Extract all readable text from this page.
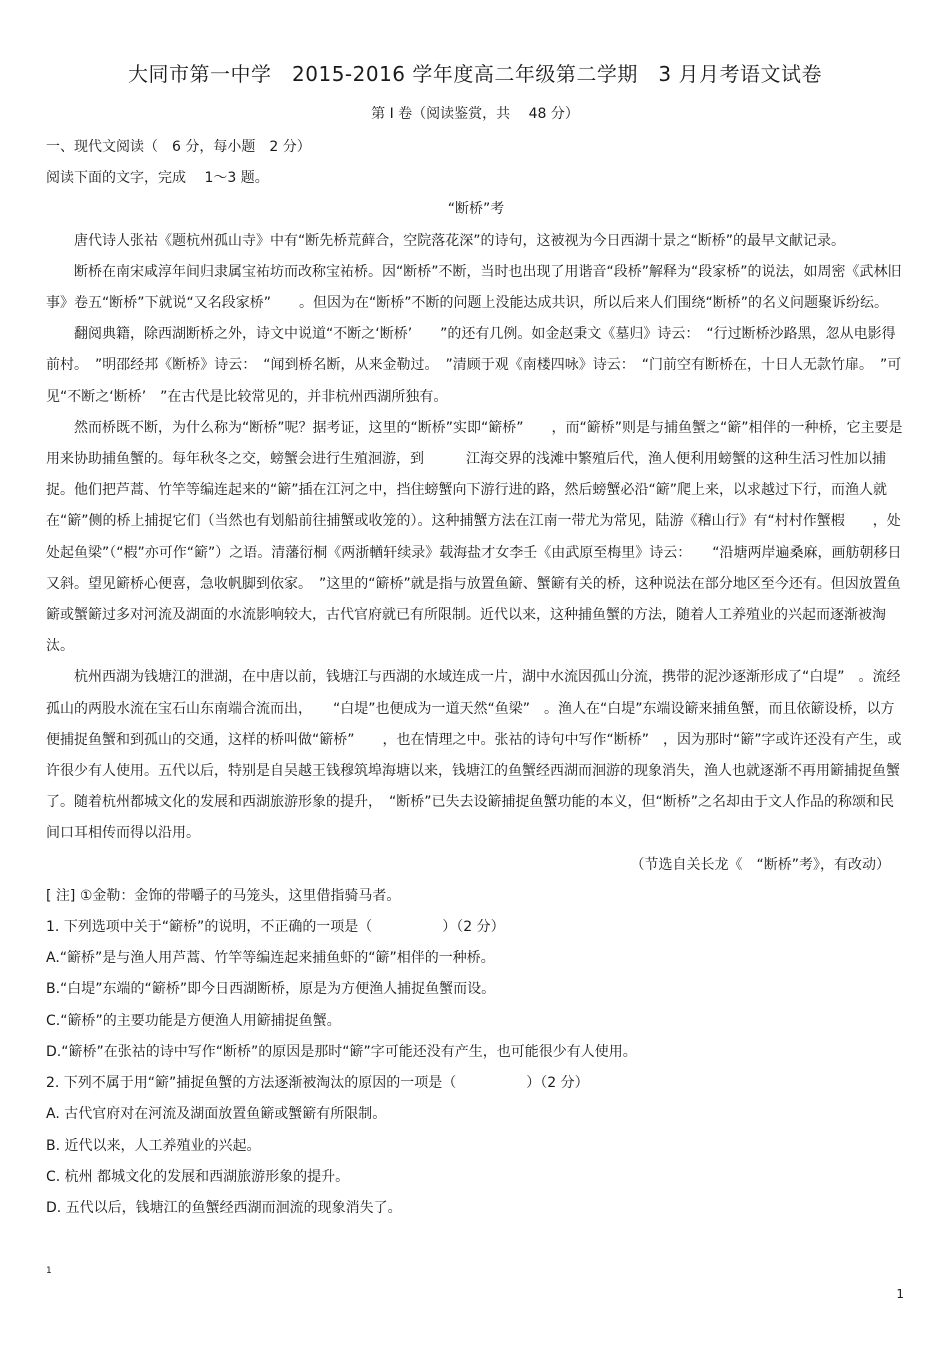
大同市第一中学　2015-2016 学年度高二年级第二学期　3 月月考语文试卷
第 I 卷（阅读鉴赏，共　 48 分）

一、现代文阅读（　6 分，每小题　2 分）

阅读下面的文字，完成　 1～3 题。

“断桥”考

唐代诗人张祜《题杭州孤山寺》中有“断先桥荒藓合，空院落花深”的诗句，这被视为今日西湖十景之“断桥”的最早文献记录。

断桥在南宋咸淳年间归隶属宝祐坊而改称宝祐桥。因“断桥”不断，当时也出现了用谐音“段桥”解释为“段家桥”的说法，如周密《武林旧事》卷五“断桥”下就说“又名段家桥”　　。但因为在“断桥”不断的问题上没能达成共识，所以后来人们围绕“断桥”的名义问题聚诉纷纭。

翻阅典籍，除西湖断桥之外，诗文中说道“不断之‘断桥’　　”的还有几例。如金赵秉文《墓归》诗云：　“行过断桥沙路黑，忽从电影得前村。　”明邵经邦《断桥》诗云：　“闻到桥名断，从来金勒过。　”清顾于观《南楼四咏》诗云：　“门前空有断桥在，十日人无款竹扉。　”可见“不断之‘断桥’　”在古代是比较常见的，并非杭州西湖所独有。

然而桥既不断，为什么称为“断桥”呢？据考证，这里的“断桥”实即“簖桥”　　，而“簖桥”则是与捕鱼蟹之“簖”相伴的一种桥，它主要是用来协助捕鱼蟹的。每年秋冬之交，螃蟹会进行生殖洄游，到　　　江海交界的浅滩中繁殖后代，渔人便利用螃蟹的这种生活习性加以捕捉。他们把芦蒿、竹竿等编连起来的“簖”插在江河之中，挡住螃蟹向下游行进的路，然后螃蟹必沿“簖”爬上来，以求越过下行，而渔人就在“簖”侧的桥上捕捉它们（当然也有划船前往捕蟹或收笼的）。这种捕蟹方法在江南一带尤为常见，陆游《稽山行》有“村村作蟹椵　　，处处起鱼梁”（“椵”亦可作“簖”）之语。清藩衍桐《两浙輶轩续录》载海盐才女李壬《由武原至梅里》诗云：　　“沿塘两岸遍桑麻，画舫朝移日又斜。望见簖桥心便喜，急收帆脚到依家。　”这里的“簖桥”就是指与放置鱼簖、蟹簖有关的桥，这种说法在部分地区至今还有。但因放置鱼簖或蟹簖过多对河流及湖面的水流影响较大，古代官府就已有所限制。近代以来，这种捕鱼蟹的方法，随着人工养殖业的兴起而逐渐被淘汰。

杭州西湖为钱塘江的泄湖，在中唐以前，钱塘江与西湖的水域连成一片，湖中水流因孤山分流，携带的泥沙逐渐形成了“白堤”　。流经孤山的两股水流在宝石山东南端合流而出，　　“白堤”也便成为一道天然“鱼梁”　。渔人在“白堤”东端设簖来捕鱼蟹，而且依簖设桥，以方便捕捉鱼蟹和到孤山的交通，这样的桥叫做“簖桥”　　，也在情理之中。张祜的诗句中写作“断桥”　，因为那时“簖”字或许还没有产生，或许很少有人使用。五代以后，特别是自吴越王钱穆筑埠海塘以来，钱塘江的鱼蟹经西湖而洄游的现象消失，渔人也就逐渐不再用簖捕捉鱼蟹了。随着杭州都城文化的发展和西湖旅游形象的提升，　“断桥”已失去设簖捕捉鱼蟹功能的本义，但“断桥”之名却由于文人作品的称颂和民间口耳相传而得以沿用。

（节选自关长龙《　“断桥”考》，有改动）

[ 注] ①金勒：金饰的带嚼子的马笼头，这里借指骑马者。

1. 下列选项中关于“簖桥”的说明，不正确的一项是（　　　　　）（2 分）

A.“簖桥”是与渔人用芦蒿、竹竿等编连起来捕鱼虾的“簖”相伴的一种桥。

B.“白堤”东端的“簖桥”即今日西湖断桥，原是为方便渔人捕捉鱼蟹而设。

C.“簖桥”的主要功能是方便渔人用簖捕捉鱼蟹。

D.“簖桥”在张祜的诗中写作“断桥”的原因是那时“簖”字可能还没有产生，也可能很少有人使用。

2. 下列不属于用“簖”捕捉鱼蟹的方法逐渐被淘汰的原因的一项是（　　　　　）（2 分）

A. 古代官府对在河流及湖面放置鱼簖或蟹簖有所限制。

B. 近代以来，人工养殖业的兴起。

C. 杭州 都城文化的发展和西湖旅游形象的提升。

D. 五代以后，钱塘江的鱼蟹经西湖而洄流的现象消失了。

1
1
